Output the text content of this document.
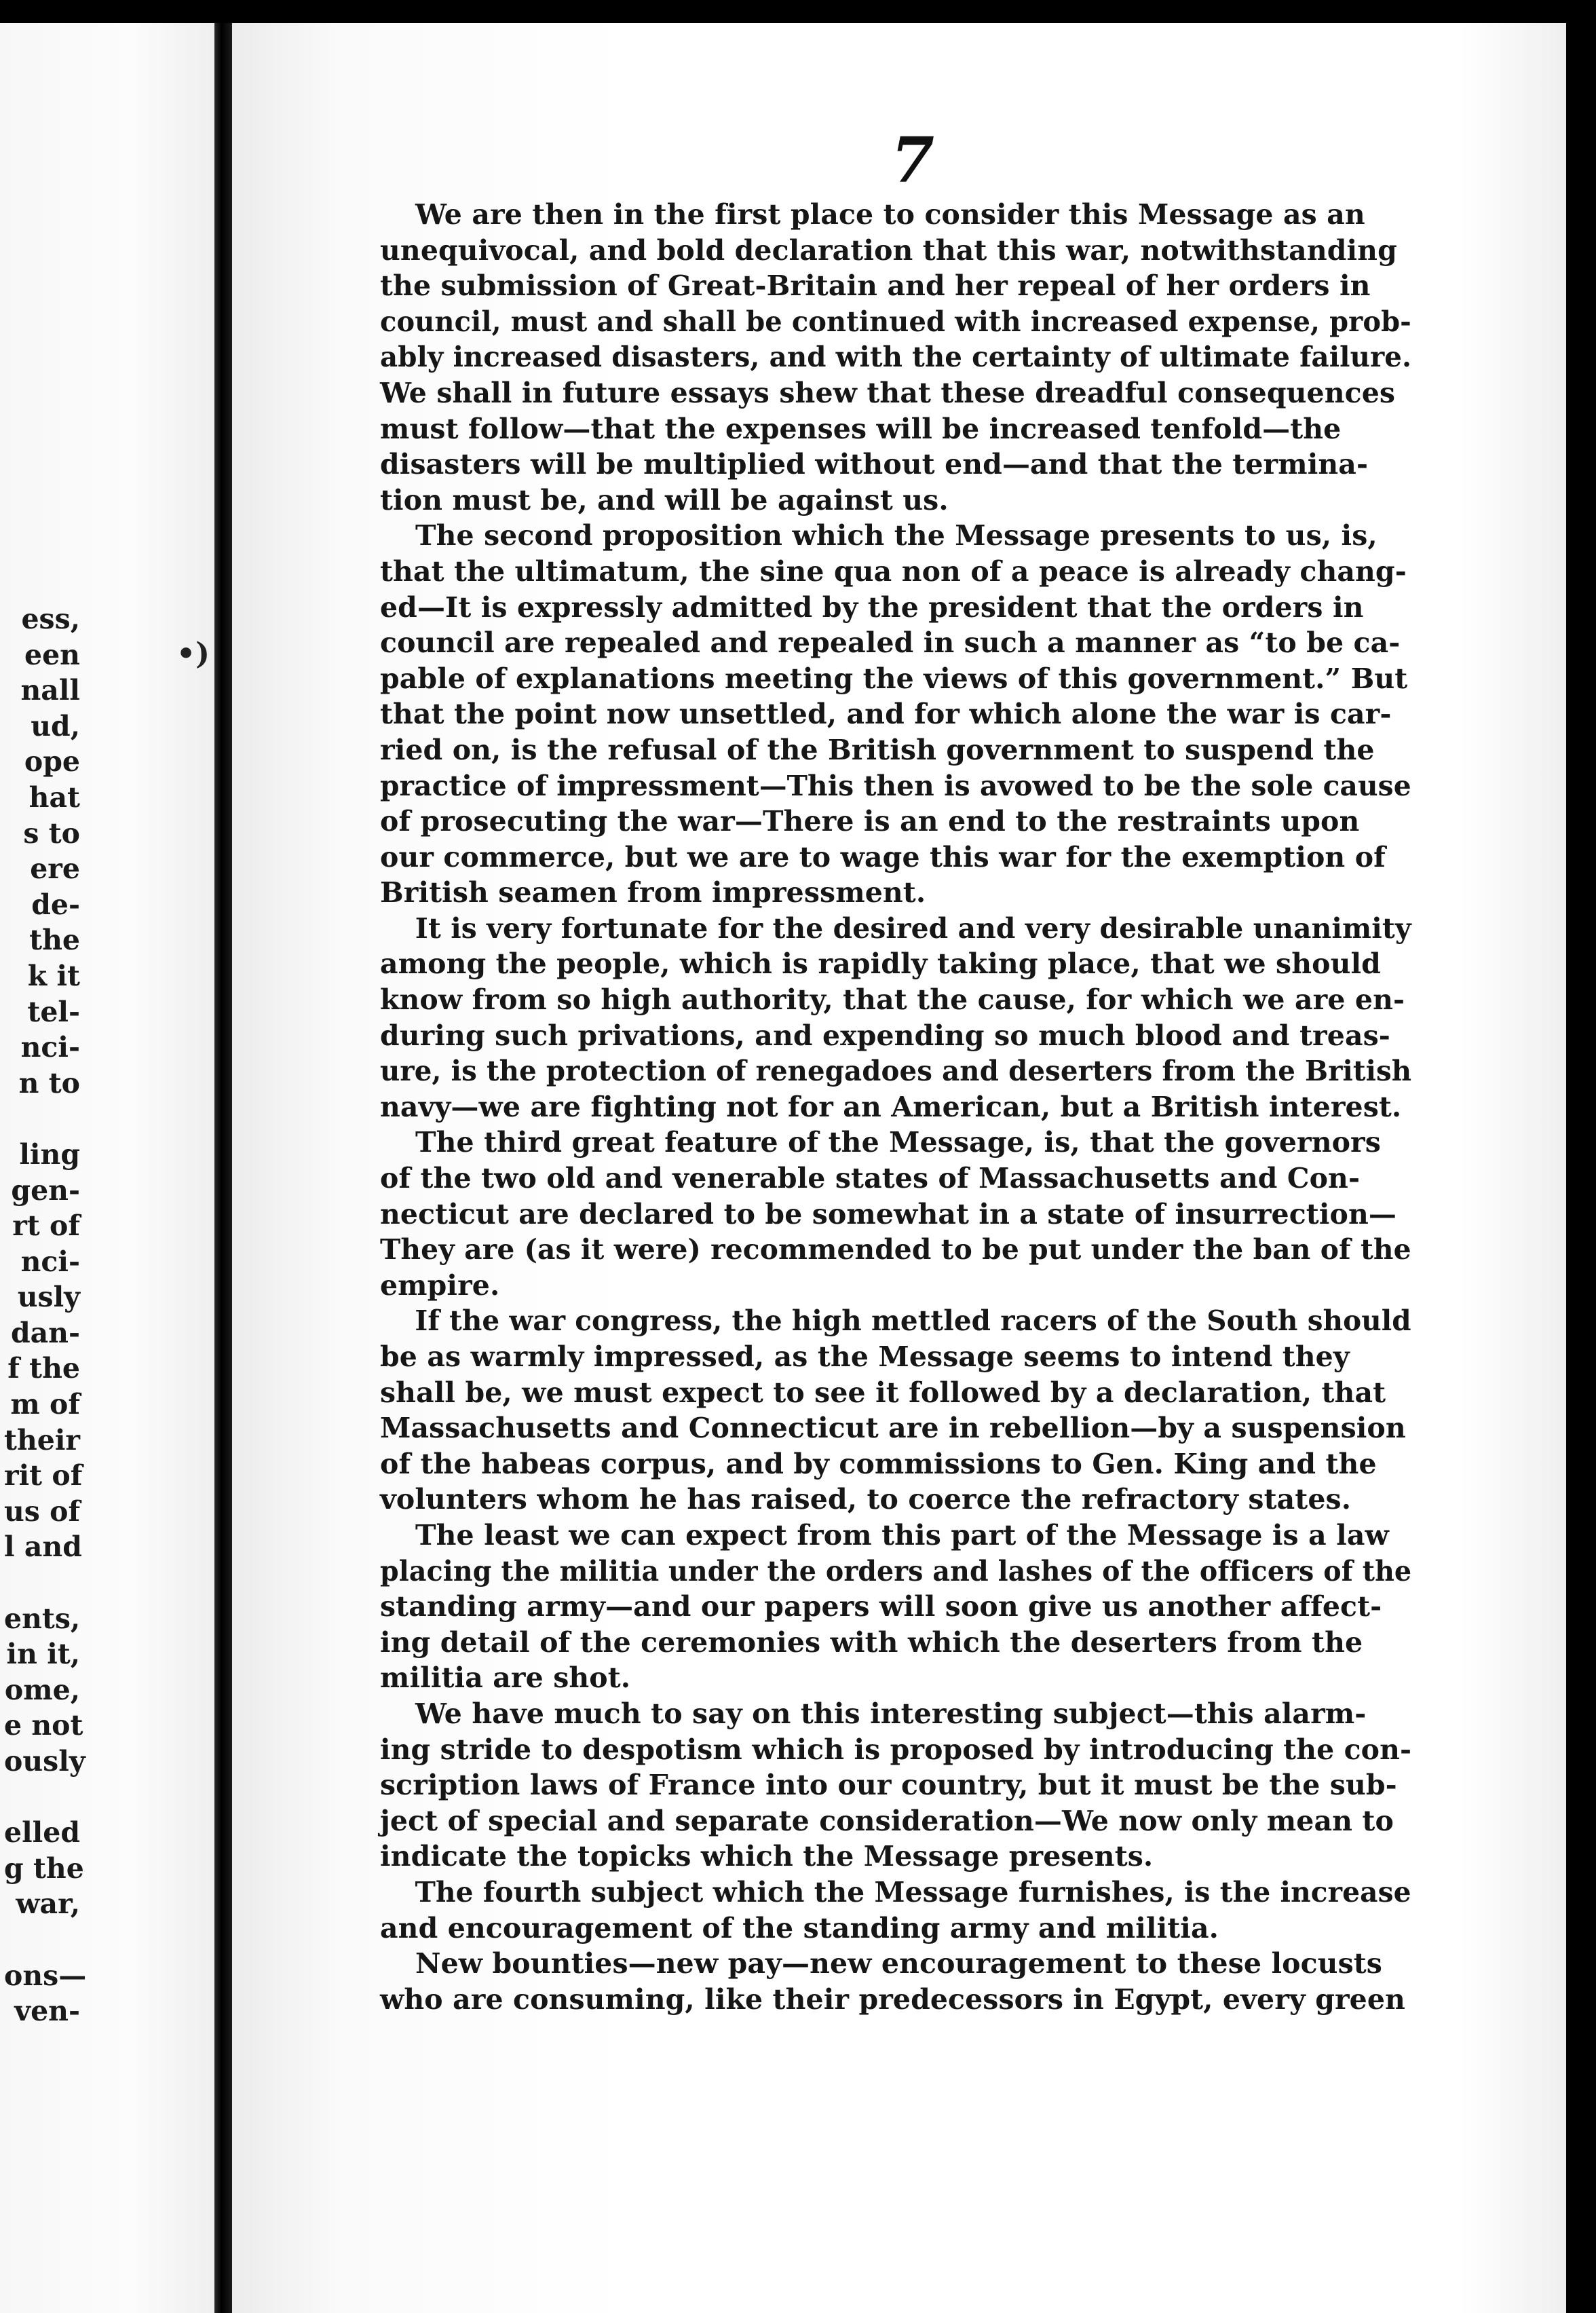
ess,
een
nall
ud,
ope
hat
s to
ere
de-
the
k it
tel-
nci-
n to
ling
gen-
rt of
nci-
usly
dan-
f the
m of
their
rit of
us of
l and
ents,
in it,
ome,
e not
ously
elled
g the
war,
ons—
ven-
•)
7
We are then in the first place to consider this Message as an
unequivocal, and bold declaration that this war, notwithstanding
the submission of Great-Britain and her repeal of her orders in
council, must and shall be continued with increased expense, prob-
ably increased disasters, and with the certainty of ultimate failure.
We shall in future essays shew that these dreadful consequences
must follow—that the expenses will be increased tenfold—the
disasters will be multiplied without end—and that the termina-
tion must be, and will be against us.
The second proposition which the Message presents to us, is,
that the ultimatum, the sine qua non of a peace is already chang-
ed—It is expressly admitted by the president that the orders in
council are repealed and repealed in such a manner as “to be ca-
pable of explanations meeting the views of this government.” But
that the point now unsettled, and for which alone the war is car-
ried on, is the refusal of the British government to suspend the
practice of impressment—This then is avowed to be the sole cause
of prosecuting the war—There is an end to the restraints upon
our commerce, but we are to wage this war for the exemption of
British seamen from impressment.
It is very fortunate for the desired and very desirable unanimity
among the people, which is rapidly taking place, that we should
know from so high authority, that the cause, for which we are en-
during such privations, and expending so much blood and treas-
ure, is the protection of renegadoes and deserters from the British
navy—we are fighting not for an American, but a British interest.
The third great feature of the Message, is, that the governors
of the two old and venerable states of Massachusetts and Con-
necticut are declared to be somewhat in a state of insurrection—
They are (as it were) recommended to be put under the ban of the
empire.
If the war congress, the high mettled racers of the South should
be as warmly impressed, as the Message seems to intend they
shall be, we must expect to see it followed by a declaration, that
Massachusetts and Connecticut are in rebellion—by a suspension
of the habeas corpus, and by commissions to Gen. King and the
volunters whom he has raised, to coerce the refractory states.
The least we can expect from this part of the Message is a law
placing the militia under the orders and lashes of the officers of the
standing army—and our papers will soon give us another affect-
ing detail of the ceremonies with which the deserters from the
militia are shot.
We have much to say on this interesting subject—this alarm-
ing stride to despotism which is proposed by introducing the con-
scription laws of France into our country, but it must be the sub-
ject of special and separate consideration—We now only mean to
indicate the topicks which the Message presents.
The fourth subject which the Message furnishes, is the increase
and encouragement of the standing army and militia.
New bounties—new pay—new encouragement to these locusts
who are consuming, like their predecessors in Egypt, every green
